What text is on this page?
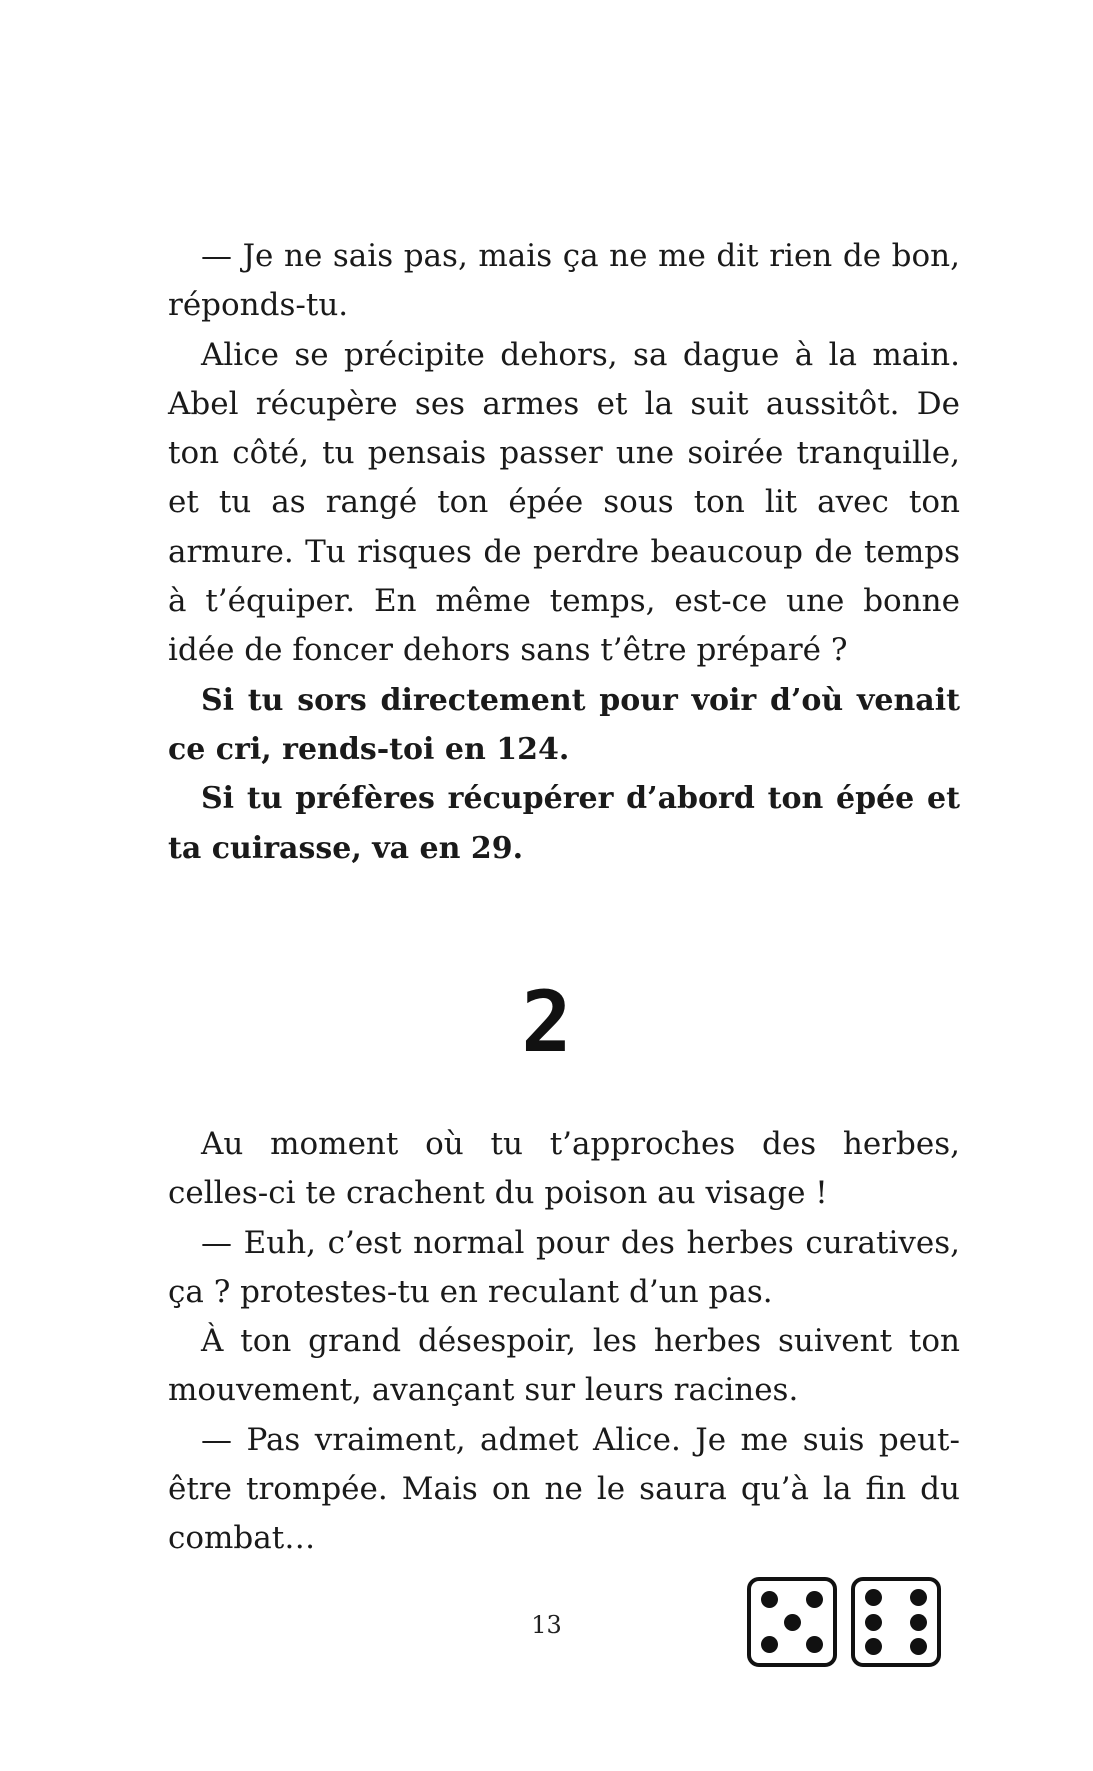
— Je ne sais pas, mais ça ne me dit rien de bon, réponds-tu.

Alice se précipite dehors, sa dague à la main. Abel récupère ses armes et la suit aussitôt. De ton côté, tu pensais passer une soirée tranquille, et tu as rangé ton épée sous ton lit avec ton armure. Tu risques de perdre beaucoup de temps à t’équiper. En même temps, est-ce une bonne idée de foncer dehors sans t’être préparé ?

Si tu sors directement pour voir d’où venait ce cri, rends-toi en 124.

Si tu préfères récupérer d’abord ton épée et ta cuirasse, va en 29.

2

Au moment où tu t’approches des herbes, celles-ci te crachent du poison au visage !

— Euh, c’est normal pour des herbes curatives, ça ? protestes-tu en reculant d’un pas.

À ton grand désespoir, les herbes suivent ton mouvement, avançant sur leurs racines.

— Pas vraiment, admet Alice. Je me suis peut-être trompée. Mais on ne le saura qu’à la fin du combat…

13
